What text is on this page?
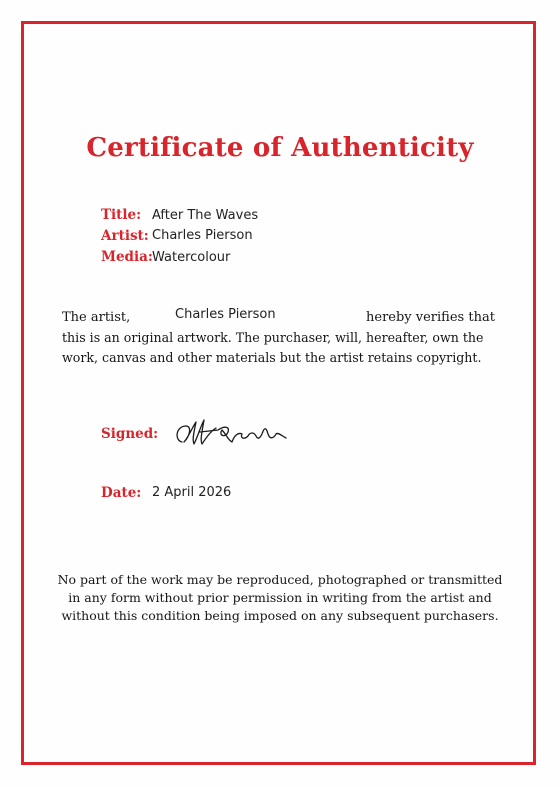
Certificate of Authenticity
Title: After The Waves
Artist: Charles Pierson
Media: Watercolour
The artist,	Charles Pierson	hereby verifies that
this is an original artwork. The purchaser, will, hereafter, own the
work, canvas and other materials but the artist retains copyright.
Signed:
Date: 2 April 2026
No part of the work may be reproduced, photographed or transmitted
in any form without prior permission in writing from the artist and
without this condition being imposed on any subsequent purchasers.
